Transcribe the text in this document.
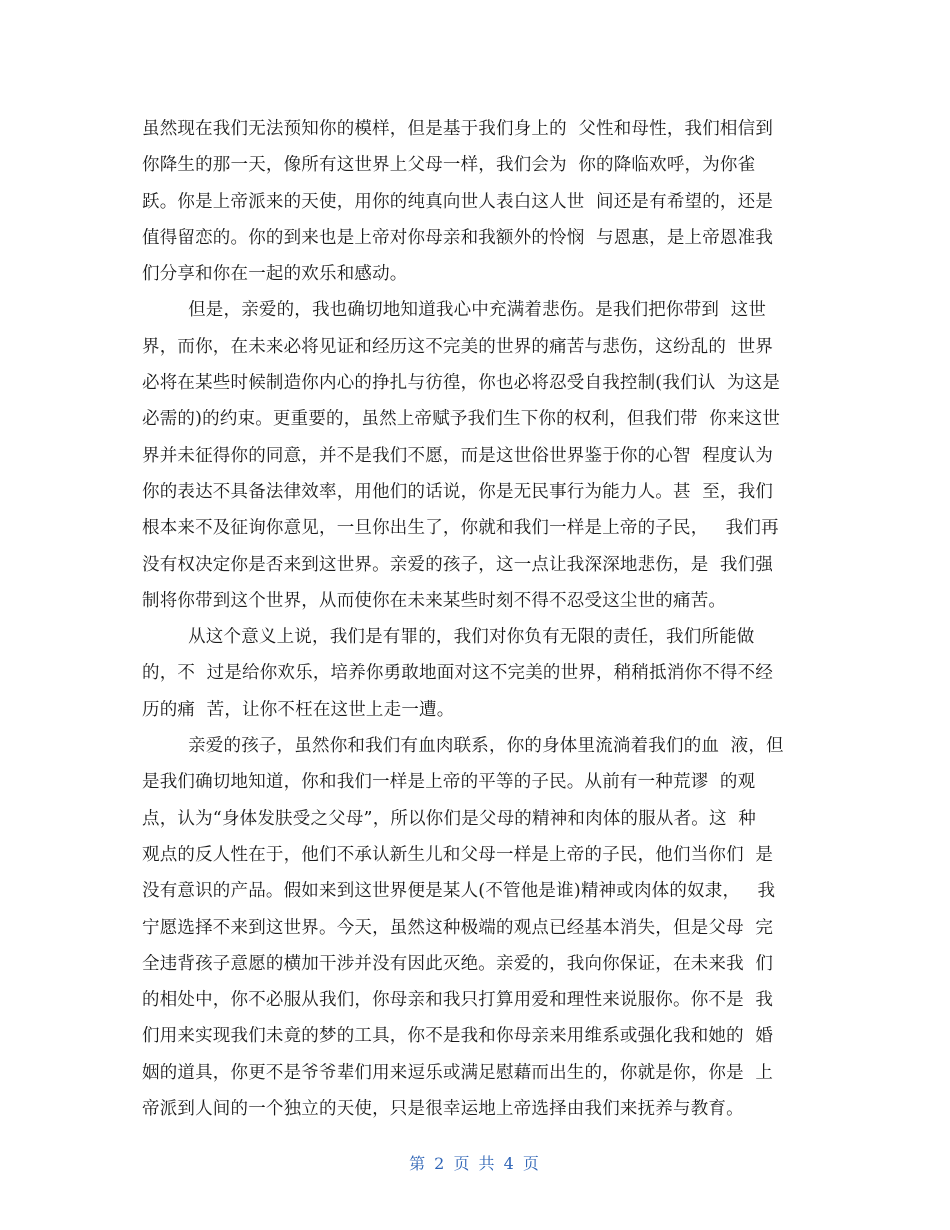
虽然现在我们无法预知你的模样，但是基于我们身上的  父性和母性，我们相信到
你降生的那一天，像所有这世界上父母一样，我们会为  你的降临欢呼，为你雀
跃。你是上帝派来的天使，用你的纯真向世人表白这人世  间还是有希望的，还是
值得留恋的。你的到来也是上帝对你母亲和我额外的怜悯  与恩惠，是上帝恩准我
们分享和你在一起的欢乐和感动。
但是，亲爱的，我也确切地知道我心中充满着悲伤。是我们把你带到  这世
界，而你，在未来必将见证和经历这不完美的世界的痛苦与悲伤，这纷乱的  世界
必将在某些时候制造你内心的挣扎与彷徨，你也必将忍受自我控制(我们认  为这是
必需的)的约束。更重要的，虽然上帝赋予我们生下你的权利，但我们带  你来这世
界并未征得你的同意，并不是我们不愿，而是这世俗世界鉴于你的心智  程度认为
你的表达不具备法律效率，用他们的话说，你是无民事行为能力人。甚  至，我们
根本来不及征询你意见，一旦你出生了，你就和我们一样是上帝的子民，   我们再
没有权决定你是否来到这世界。亲爱的孩子，这一点让我深深地悲伤，是  我们强
制将你带到这个世界，从而使你在未来某些时刻不得不忍受这尘世的痛苦。
从这个意义上说，我们是有罪的，我们对你负有无限的责任，我们所能做
的，不  过是给你欢乐，培养你勇敢地面对这不完美的世界，稍稍抵消你不得不经
历的痛  苦，让你不枉在这世上走一遭。
亲爱的孩子，虽然你和我们有血肉联系，你的身体里流淌着我们的血  液，但
是我们确切地知道，你和我们一样是上帝的平等的子民。从前有一种荒谬  的观
点，认为“身体发肤受之父母”，所以你们是父母的精神和肉体的服从者。这  种
观点的反人性在于，他们不承认新生儿和父母一样是上帝的子民，他们当你们  是
没有意识的产品。假如来到这世界便是某人(不管他是谁)精神或肉体的奴隶，   我
宁愿选择不来到这世界。今天，虽然这种极端的观点已经基本消失，但是父母  完
全违背孩子意愿的横加干涉并没有因此灭绝。亲爱的，我向你保证，在未来我  们
的相处中，你不必服从我们，你母亲和我只打算用爱和理性来说服你。你不是  我
们用来实现我们未竟的梦的工具，你不是我和你母亲来用维系或强化我和她的  婚
姻的道具，你更不是爷爷辈们用来逗乐或满足慰藉而出生的，你就是你，你是  上
帝派到人间的一个独立的天使，只是很幸运地上帝选择由我们来抚养与教育。
第 2 页 共 4 页
